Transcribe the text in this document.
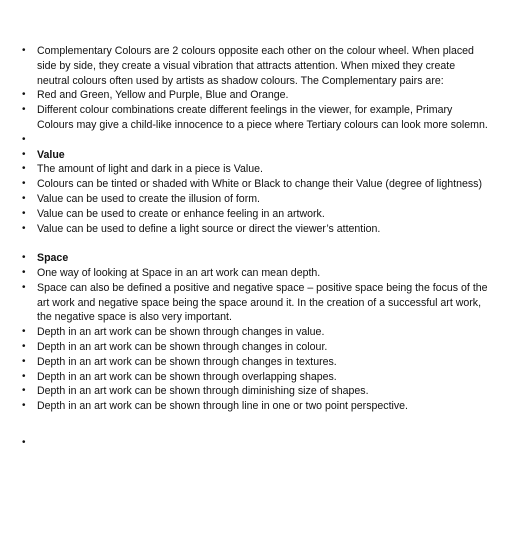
•	Complementary Colours are 2 colours opposite each other on the colour wheel. When placed side by side, they create a visual vibration that attracts attention. When mixed they create neutral colours often used by artists as shadow colours. The Complementary pairs are:
•	Red and Green, Yellow and Purple, Blue and Orange.
•	Different colour combinations create different feelings in the viewer, for example, Primary Colours may give a child-like innocence to a piece where Tertiary colours can look more solemn.
•
•	Value
•	The amount of light and dark in a piece is Value.
•	Colours can be tinted or shaded with White or Black to change their Value (degree of lightness)
•	Value can be used to create the illusion of form.
•	Value can be used to create or enhance feeling in an artwork.
•	Value can be used to define a light source or direct the viewer’s attention.
•	Space
•	One way of looking at Space in an art work can mean depth.
•	Space can also be defined a positive and negative space – positive space being the focus of the art work and negative space being the space around it. In the creation of a successful art work, the negative space is also very important.
•	Depth in an art work can be shown through changes in value.
•	Depth in an art work can be shown through changes in colour.
•	Depth in an art work can be shown through changes in textures.
•	Depth in an art work can be shown through overlapping shapes.
•	Depth in an art work can be shown through diminishing size of shapes.
•	Depth in an art work can be shown through line in one or two point perspective.
•
